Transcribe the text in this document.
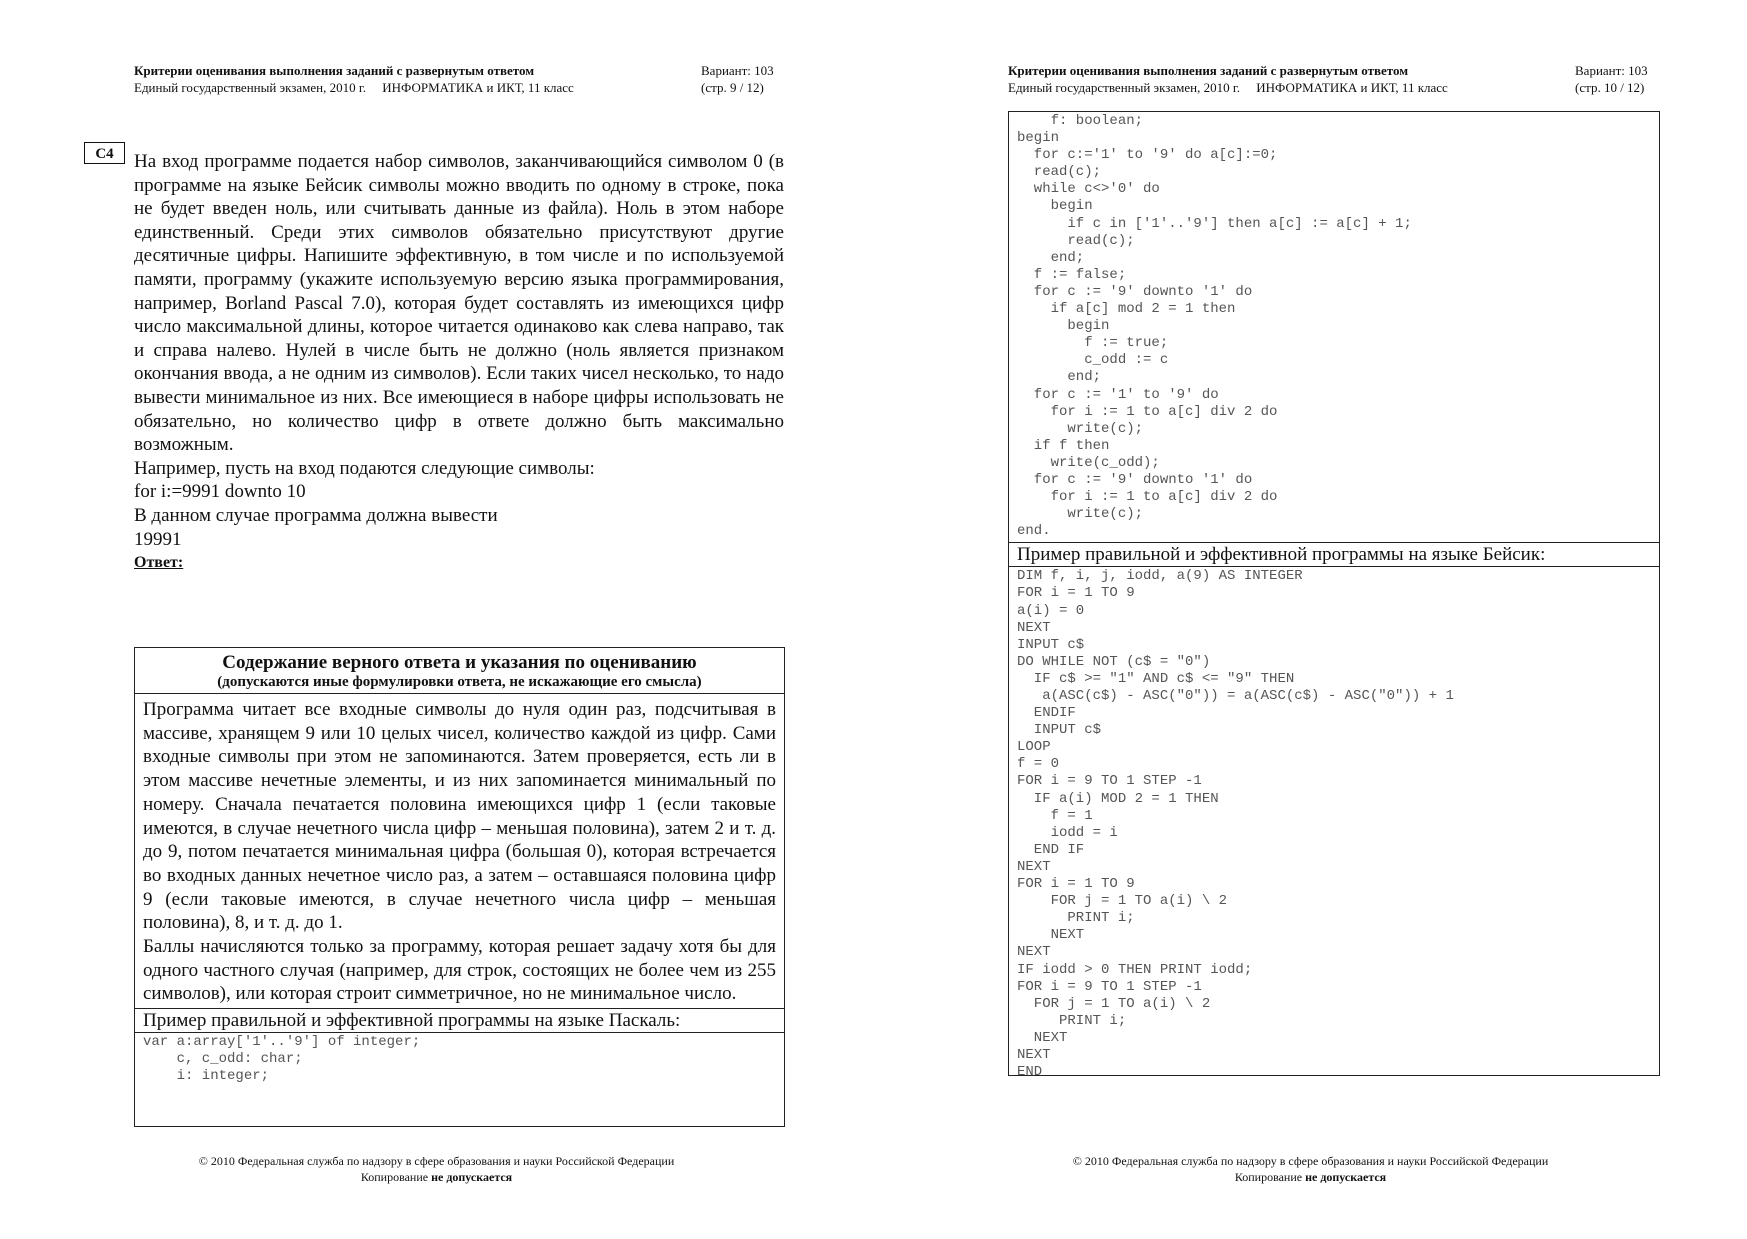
Критерии оценивания выполнения заданий с развернутым ответом
Единый государственный экзамен, 2010 г. ИНФОРМАТИКА и ИКТ, 11 класс
Вариант: 103
(стр. 9 / 12)
C4	На вход программе подается набор символов, заканчивающийся символом 0 (в программе на языке Бейсик символы можно вводить по одному в строке, пока не будет введен ноль, или считывать данные из файла). Ноль в этом наборе единственный. Среди этих символов обязательно присутствуют другие десятичные цифры. Напишите эффективную, в том числе и по используемой памяти, программу (укажите используемую версию языка программирования, например, Borland Pascal 7.0), которая будет составлять из имеющихся цифр число максимальной длины, которое читается одинаково как слева направо, так и справа налево. Нулей в числе быть не должно (ноль является признаком окончания ввода, а не одним из символов). Если таких чисел несколько, то надо вывести минимальное из них. Все имеющиеся в наборе цифры использовать не обязательно, но количество цифр в ответе должно быть максимально возможным.

Например, пусть на вход подаются следующие символы:

for i:=9991 downto 10

В данном случае программа должна вывести

19991

Ответ:

Содержание верного ответа и указания по оцениванию
(допускаются иные формулировки ответа, не искажающие его смысла)

Программа читает все входные символы до нуля один раз, подсчитывая в массиве, хранящем 9 или 10 целых чисел, количество каждой из цифр. Сами входные символы при этом не запоминаются. Затем проверяется, есть ли в этом массиве нечетные элементы, и из них запоминается минимальный по номеру. Сначала печатается половина имеющихся цифр 1 (если таковые имеются, в случае нечетного числа цифр – меньшая половина), затем 2 и т. д. до 9, потом печатается минимальная цифра (большая 0), которая встречается во входных данных нечетное число раз, а затем – оставшаяся половина цифр 9 (если таковые имеются, в случае нечетного числа цифр – меньшая половина), 8, и т. д. до 1.

Баллы начисляются только за программу, которая решает задачу хотя бы для одного частного случая (например, для строк, состоящих не более чем из 255 символов), или которая строит симметричное, но не минимальное число.

Пример правильной и эффективной программы на языке Паскаль:
var a:array['1'..'9'] of integer;
c, c_odd: char;
i: integer;
© 2010 Федеральная служба по надзору в сфере образования и науки Российской Федерации
Копирование не допускается
Критерии оценивания выполнения заданий с развернутым ответом
Единый государственный экзамен, 2010 г. ИНФОРМАТИКА и ИКТ, 11 класс
Вариант: 103
(стр. 10 / 12)
f: boolean;
begin
for c:='1' to '9' do a[c]:=0;
read(c);
while c<>'0' do
begin
if c in ['1'..'9'] then a[c] := a[c] + 1;
read(c);
end;
f := false;
for c := '9' downto '1' do
if a[c] mod 2 = 1 then
begin
f := true;
c_odd := c
end;
for c := '1' to '9' do
for i := 1 to a[c] div 2 do
write(c);
if f then
write(c_odd);
for c := '9' downto '1' do
for i := 1 to a[c] div 2 do
write(c);
end.
Пример правильной и эффективной программы на языке Бейсик:
DIM f, i, j, iodd, a(9) AS INTEGER
FOR i = 1 TO 9
a(i) = 0
NEXT
INPUT c$
DO WHILE NOT (c$ = "0")
IF c$ >= "1" AND c$ <= "9" THEN
a(ASC(c$) - ASC("0")) = a(ASC(c$) - ASC("0")) + 1
ENDIF
INPUT c$
LOOP
f = 0
FOR i = 9 TO 1 STEP -1
IF a(i) MOD 2 = 1 THEN
f = 1
iodd = i
END IF
NEXT
FOR i = 1 TO 9
FOR j = 1 TO a(i) \ 2
PRINT i;
NEXT
NEXT
IF iodd > 0 THEN PRINT iodd;
FOR i = 9 TO 1 STEP -1
FOR j = 1 TO a(i) \ 2
PRINT i;
NEXT
NEXT
END
© 2010 Федеральная служба по надзору в сфере образования и науки Российской Федерации
Копирование не допускается
